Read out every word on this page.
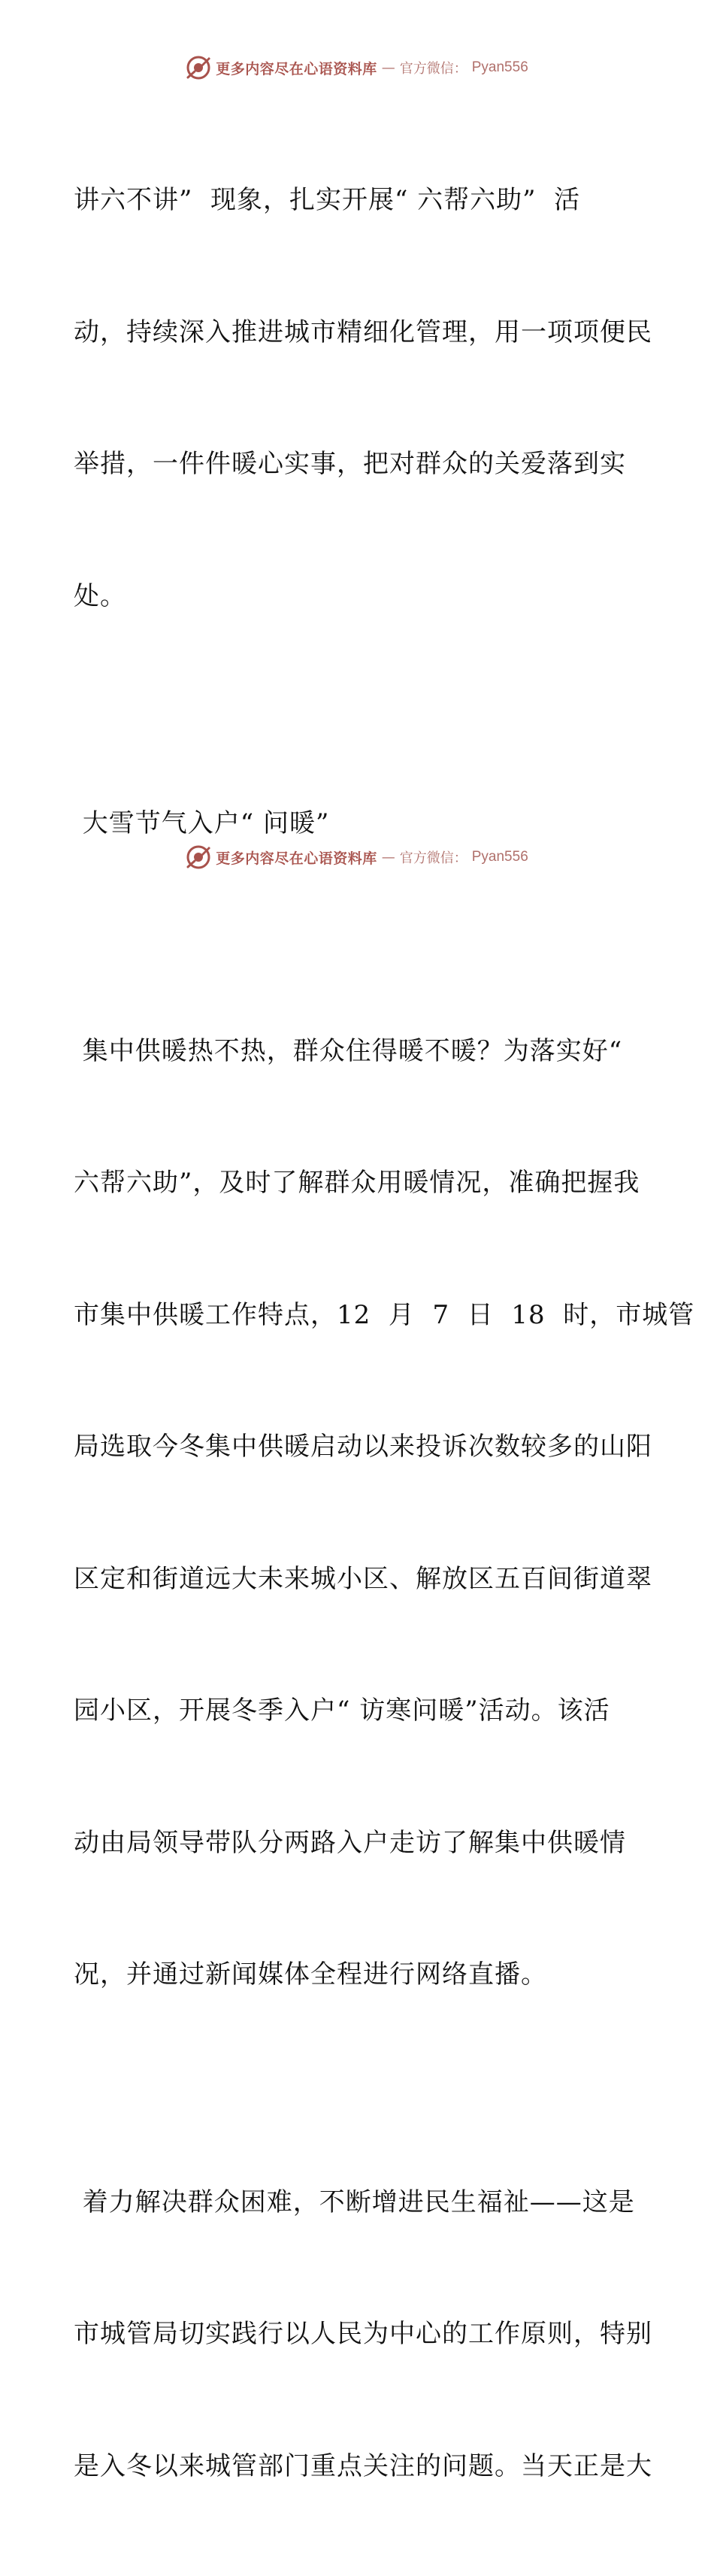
更多内容尽在心语资料库 — 官方微信： Pyan556

讲六不讲”  现象，扎实开展“ 六帮六助”  活

动，持续深入推进城市精细化管理，用一项项便民

举措，一件件暖心实事，把对群众的关爱落到实

处。

大雪节气入户“ 问暖”

集中供暖热不热，群众住得暖不暖？为落实好“

六帮六助”，及时了解群众用暖情况，准确把握我

市集中供暖工作特点，12  月  7  日  18  时，市城管

局选取今冬集中供暖启动以来投诉次数较多的山阳

区定和街道远大未来城小区、解放区五百间街道翠

园小区，开展冬季入户“ 访寒问暖”活动。该活

动由局领导带队分两路入户走访了解集中供暖情

况，并通过新闻媒体全程进行网络直播。

着力解决群众困难，不断增进民生福祉——这是

市城管局切实践行以人民为中心的工作原则，特别

是入冬以来城管部门重点关注的问题。当天正是大

更多内容尽在心语资料库 — 官方微信： Pyan556
